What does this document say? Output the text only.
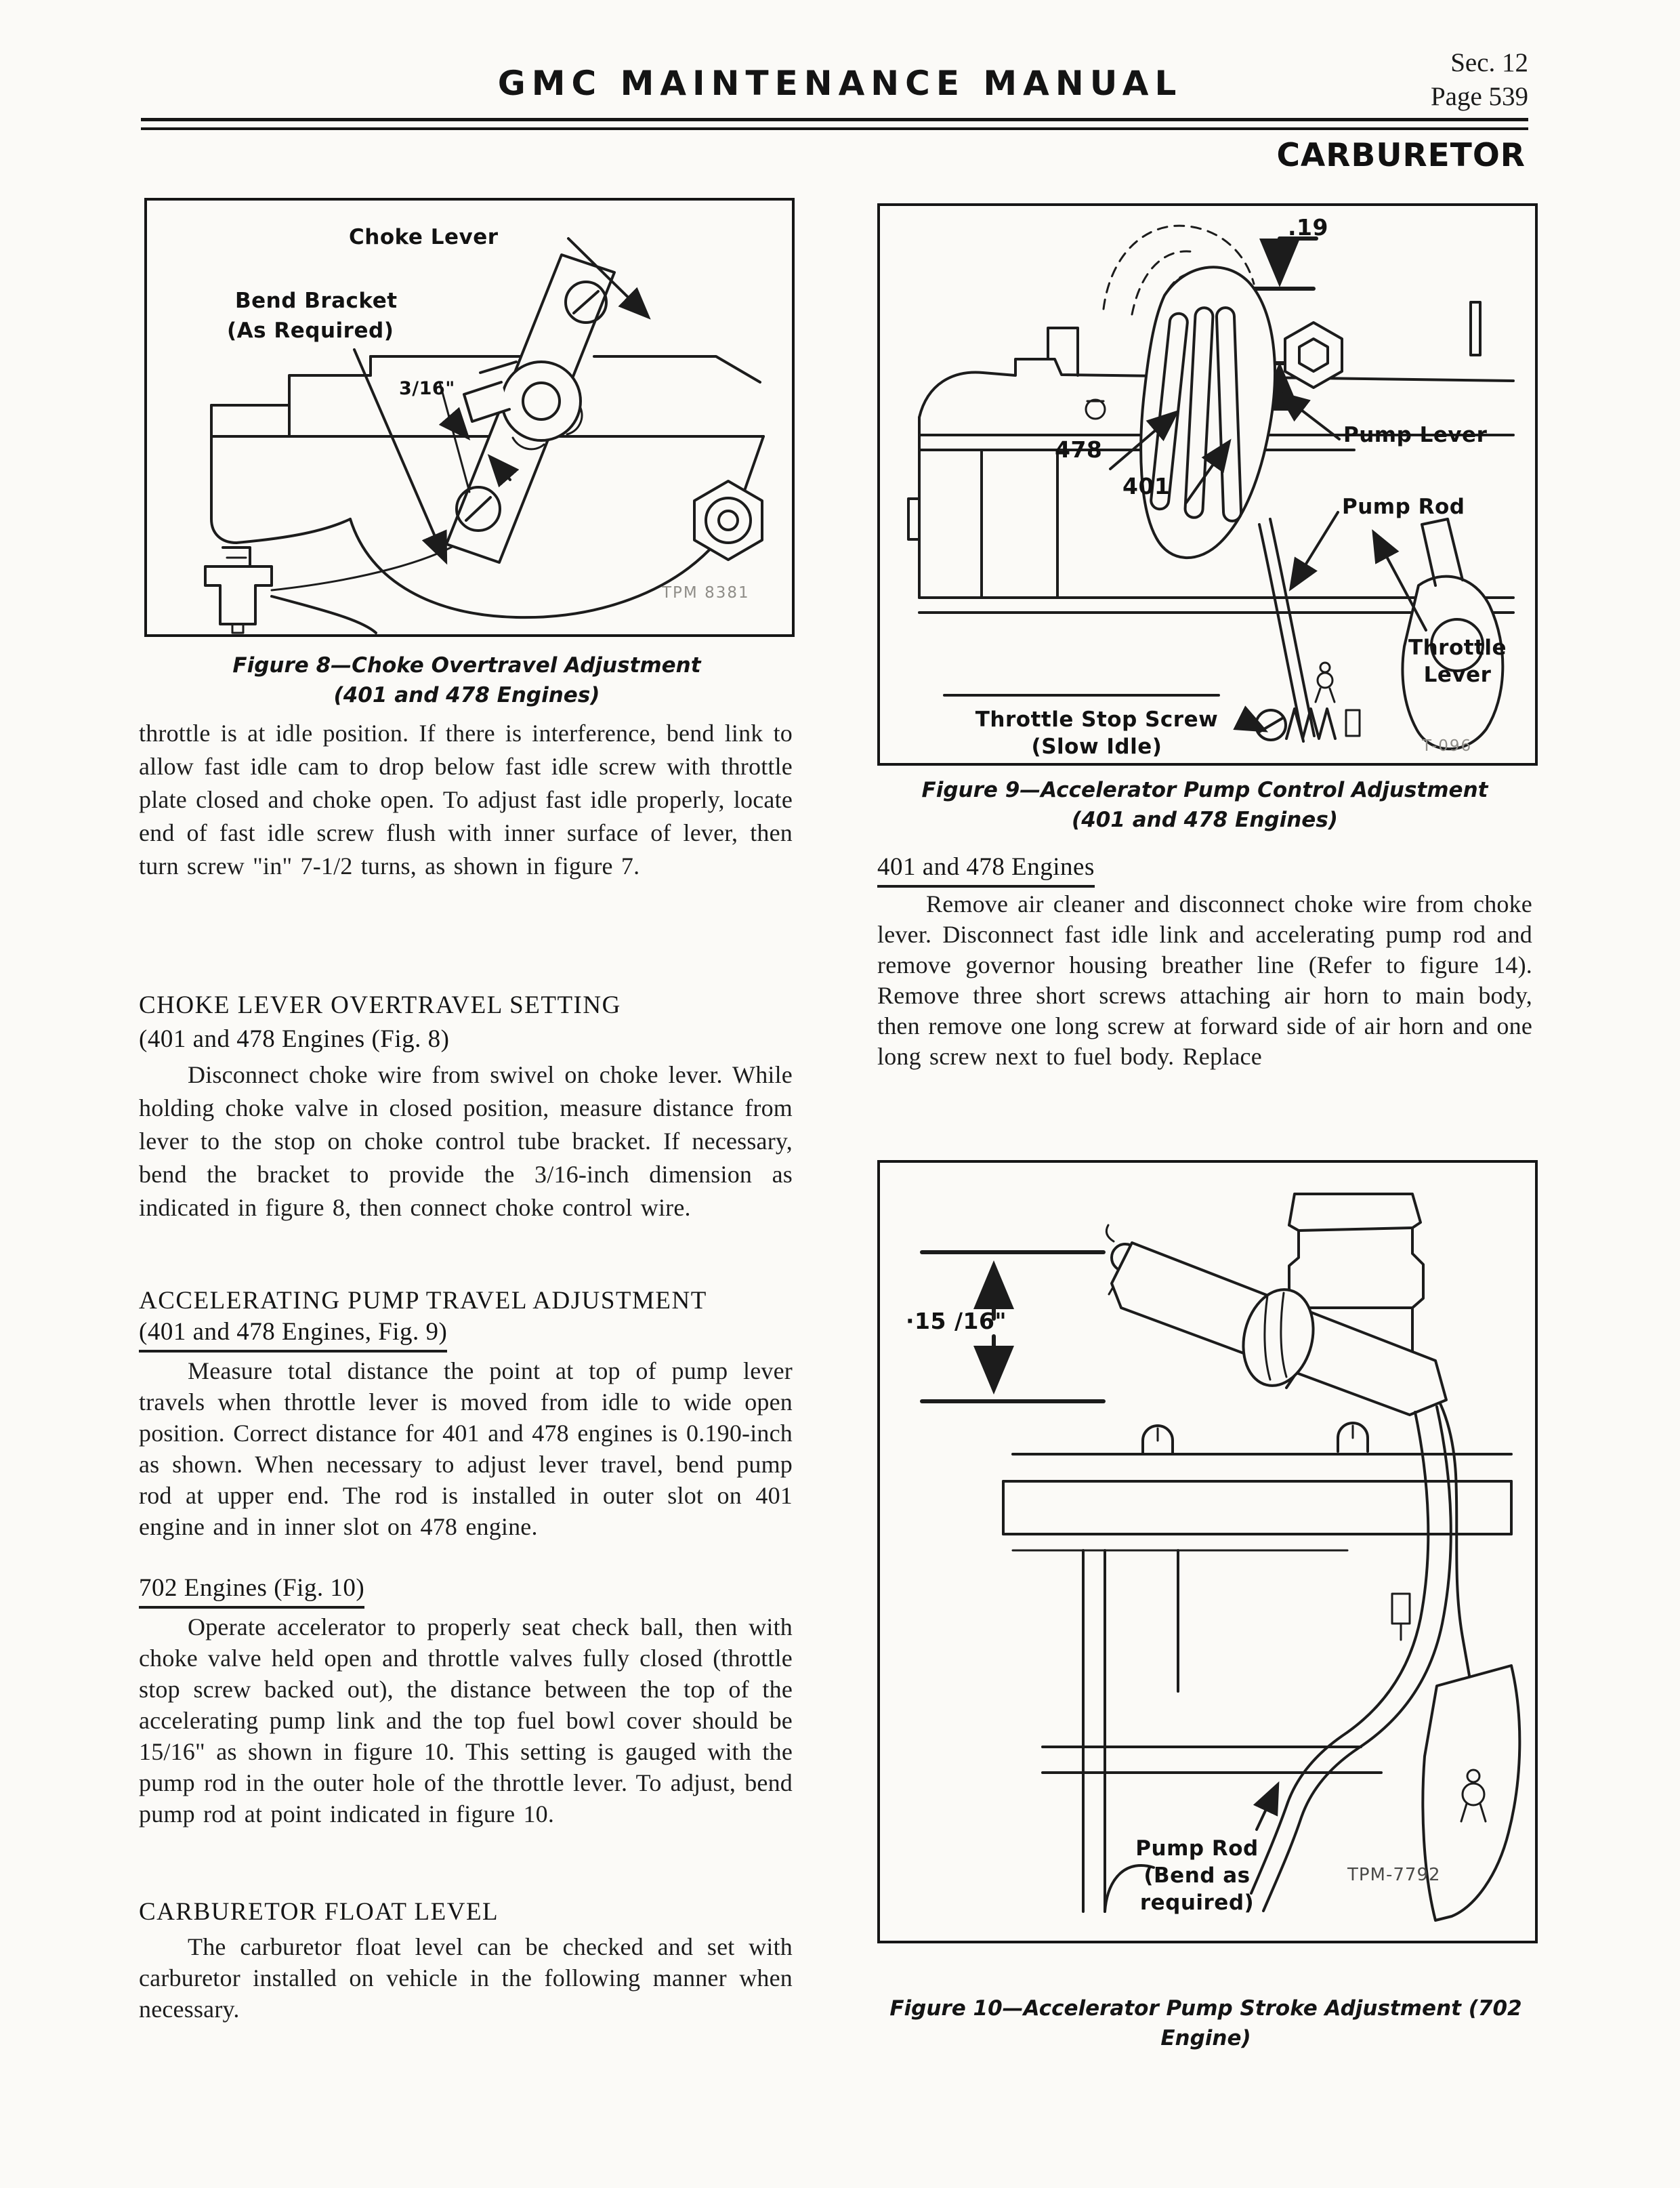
GMC MAINTENANCE MANUAL
Sec. 12
Page 539
CARBURETOR
Choke Lever
Bend Bracket
(As Required)
3/16"
TPM 8381
Figure 8—Choke Overtravel Adjustment
(401 and 478 Engines)
throttle is at idle position. If there is interference, bend link to allow fast idle cam to drop below fast idle screw with throttle plate closed and choke open. To adjust fast idle properly, locate end of fast idle screw flush with inner surface of lever, then turn screw "in" 7-1/2 turns, as shown in figure 7.
CHOKE LEVER OVERTRAVEL SETTING
(401 and 478 Engines (Fig. 8)
Disconnect choke wire from swivel on choke lever. While holding choke valve in closed position, measure distance from lever to the stop on choke control tube bracket. If necessary, bend the bracket to provide the 3/16-inch dimension as indicated in figure 8, then connect choke control wire.
ACCELERATING PUMP TRAVEL ADJUSTMENT
(401 and 478 Engines, Fig. 9)
Measure total distance the point at top of pump lever travels when throttle lever is moved from idle to wide open position. Correct distance for 401 and 478 engines is 0.190-inch as shown. When necessary to adjust lever travel, bend pump rod at upper end. The rod is installed in outer slot on 401 engine and in inner slot on 478 engine.
702 Engines (Fig. 10)
Operate accelerator to properly seat check ball, then with choke valve held open and throttle valves fully closed (throttle stop screw backed out), the distance between the top of the accelerating pump link and the top fuel bowl cover should be 15/16" as shown in figure 10. This setting is gauged with the pump rod in the outer hole of the throttle lever. To adjust, bend pump rod at point indicated in figure 10.
CARBURETOR FLOAT LEVEL
The carburetor float level can be checked and set with carburetor installed on vehicle in the following manner when necessary.
.19
478
401
Pump Lever
Pump Rod
Throttle Lever
Throttle Stop Screw
(Slow Idle)	T-096
Figure 9—Accelerator Pump Control Adjustment
(401 and 478 Engines)
401 and 478 Engines
Remove air cleaner and disconnect choke wire from choke lever. Disconnect fast idle link and accelerating pump rod and remove governor housing breather line (Refer to figure 14). Remove three short screws attaching air horn to main body, then remove one long screw at forward side of air horn and one long screw next to fuel body. Replace
·15 /16"
Pump Rod
(Bend as required)
TPM-7792
Figure 10—Accelerator Pump Stroke Adjustment (702 Engine)
